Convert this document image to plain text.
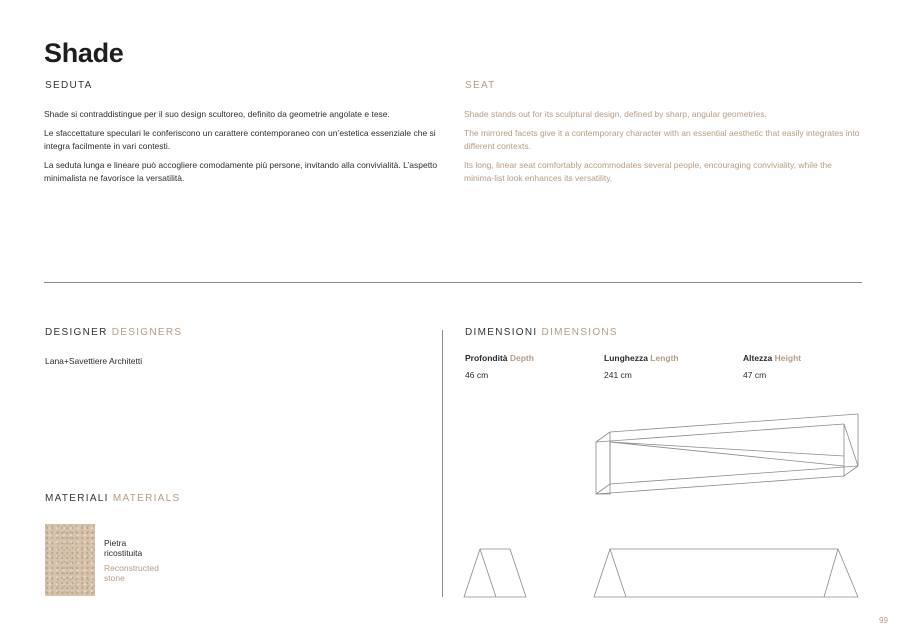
Shade
SEDUTA	SEAT

Shade si contraddistingue per il suo design scultoreo, definito da geometrie angolate e tese.

Le sfaccettature speculari le conferiscono un carattere contemporaneo con un’estetica essenziale che si integra facilmente in vari contesti.

La seduta lunga e lineare può accogliere comodamente più persone, invitando alla convivialità. L’aspetto minimalista ne favorisce la versatilità.

Shade stands out for its sculptural design, defined by sharp, angular geometries.

The mirrored facets give it a contemporary character with an essential aesthetic that easily integrates into different contexts.

Its long, linear seat comfortably accommodates several people, encouraging conviviality, while the minima-list look enhances its versatility.

DESIGNER DESIGNERS
Lana+Savettiere Architetti
MATERIALI MATERIALS
Pietra ricostituita
Reconstructed stone
DIMENSIONI DIMENSIONS
Profondità Depth
46 cm
Lunghezza Length
241 cm
Altezza Height
47 cm
99
